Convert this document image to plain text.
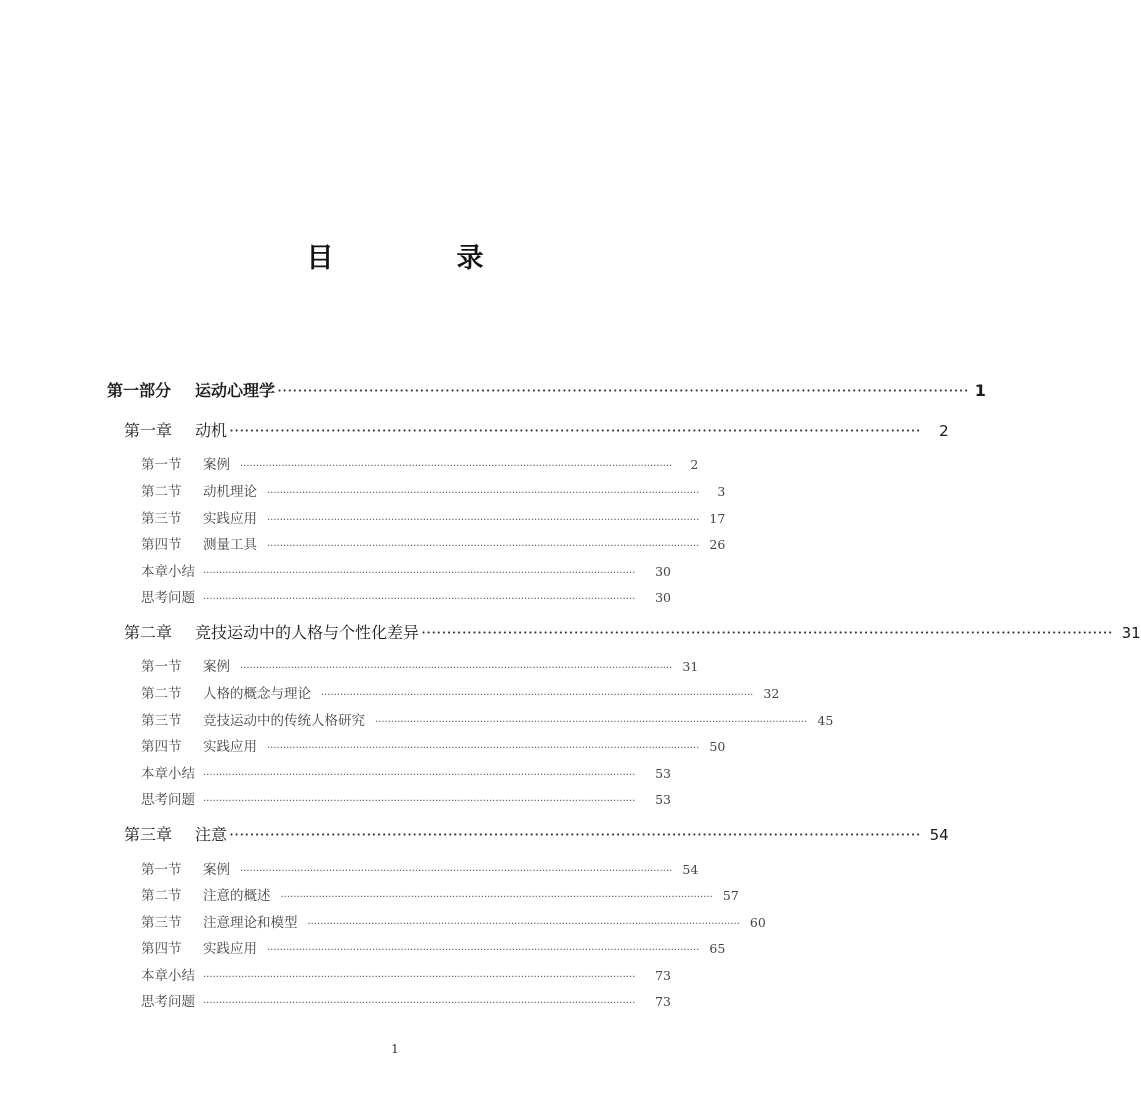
目　录
第一部分	运动心理学 ········································································································································ 1
第一章	动机 ········································································································································	2
第一节	案例 ········································································································································	2
第二节	动机理论 ········································································································································	3
第三节	实践应用 ········································································································································ 17
第四节	测量工具 ········································································································································ 26
本章小结 ········································································································································	30
思考问题 ········································································································································	30
第二章	竞技运动中的人格与个性化差异 ········································································································································ 31
第一节	案例 ········································································································································ 31
第二节	人格的概念与理论 ········································································································································ 32
第三节	竞技运动中的传统人格研究 ········································································································································ 45
第四节	实践应用 ········································································································································ 50
本章小结 ········································································································································	53
思考问题 ········································································································································	53
第三章	注意 ········································································································································ 54
第一节	案例 ········································································································································ 54
第二节	注意的概述 ········································································································································ 57
第三节	注意理论和模型 ········································································································································ 60
第四节	实践应用 ········································································································································ 65
本章小结 ········································································································································	73
思考问题 ········································································································································	73
1
